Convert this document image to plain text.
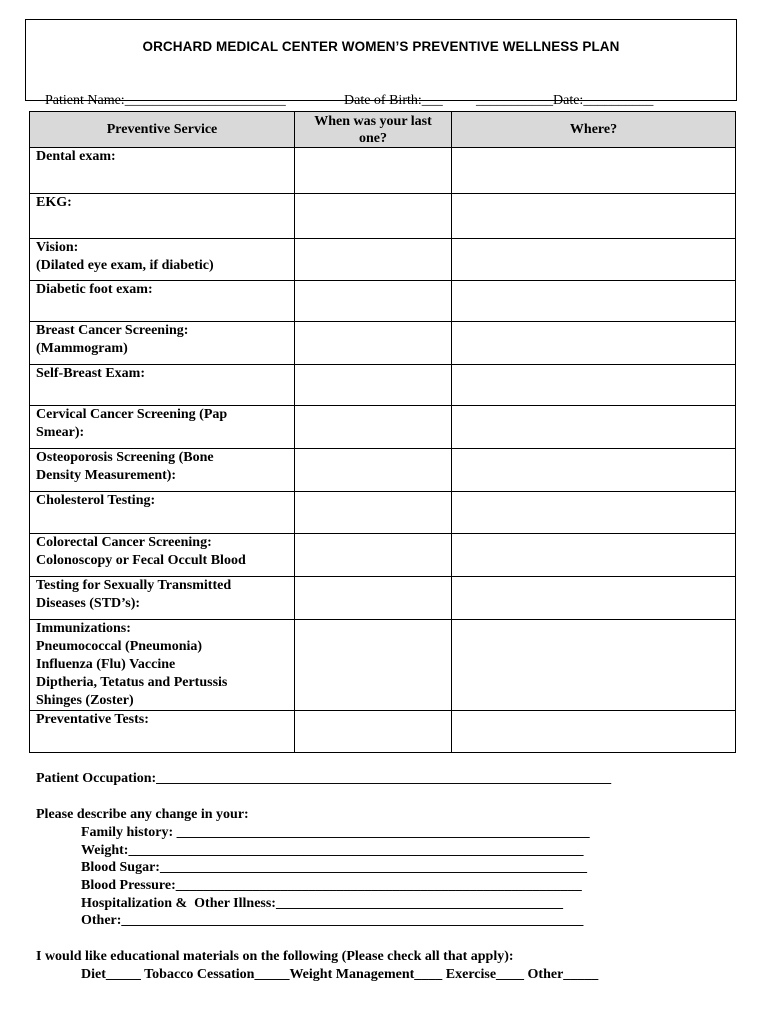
ORCHARD MEDICAL CENTER WOMEN’S PREVENTIVE WELLNESS PLAN
Patient Name:_______________________	Date of Birth:___ ___________Date:__________
Preventive Service	When was your last one?	Where?

Dental exam:		

EKG:		

Vision:
(Dilated eye exam, if diabetic)		

Diabetic foot exam:		

Breast Cancer Screening:
(Mammogram)		

Self-Breast Exam:		

Cervical Cancer Screening (Pap
Smear):		

Osteoporosis Screening (Bone
Density Measurement):		

Cholesterol Testing:		

Colorectal Cancer Screening:
Colonoscopy or Fecal Occult Blood		

Testing for Sexually Transmitted
Diseases (STD’s):		

Immunizations:
Pneumococcal (Pneumonia)
Influenza (Flu) Vaccine
Diptheria, Tetatus and Pertussis
Shinges (Zoster)		

Preventative Tests:		

Patient Occupation:_________________________________________________________________
Please describe any change in your:
Family history: ___________________________________________________________
Weight:_________________________________________________________________
Blood Sugar:_____________________________________________________________
Blood Pressure:__________________________________________________________
Hospitalization &  Other Illness:_________________________________________
Other:__________________________________________________________________
I would like educational materials on the following (Please check all that apply):
Diet_____ Tobacco Cessation_____Weight Management____ Exercise____ Other_____
